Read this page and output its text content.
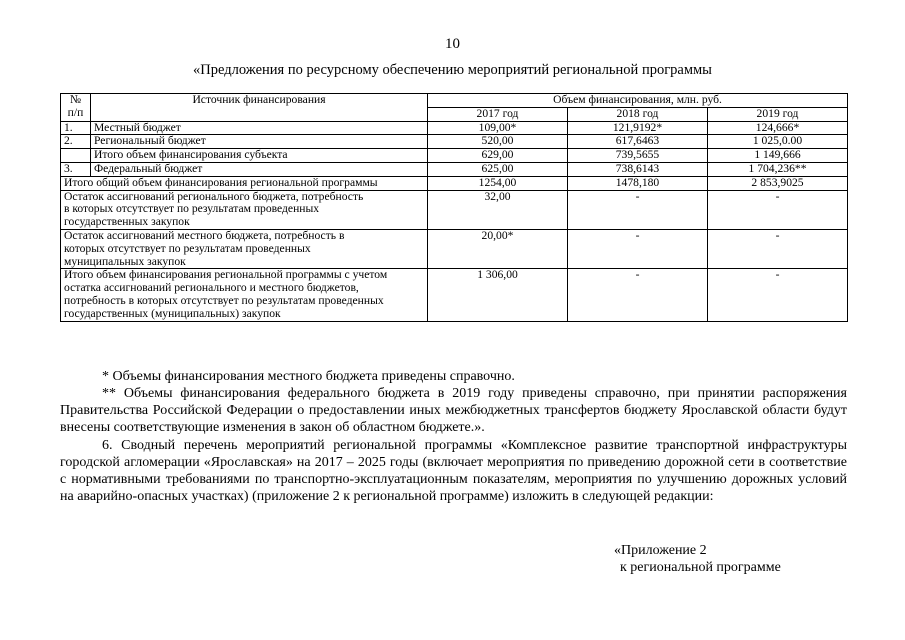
10
«Предложения по ресурсному обеспечению мероприятий региональной программы
№
п/п	Источник финансирования	Объем финансирования, млн. руб.		
		2017 год	2018 год	2019 год
1.	Местный бюджет	109,00*	121,9192*	124,666*
2.	Региональный бюджет	520,00	617,6463	1 025,0.00
	Итого объем финансирования субъекта	629,00	739,5655	1 149,666
3.	Федеральный бюджет	625,00	738,6143	1 704,236**
Итого общий объем финансирования региональной программы		1254,00	1478,180	2 853,9025
Остаток ассигнований регионального бюджета, потребность в которых отсутствует по результатам проведенных государственных закупок		32,00	-	-
Остаток ассигнований местного бюджета, потребность в которых отсутствует по результатам проведенных муниципальных закупок		20,00*	-	-
Итого объем финансирования региональной программы с учетом остатка ассигнований регионального и местного бюджетов, потребность в которых отсутствует по результатам проведенных государственных (муниципальных) закупок		1 306,00	-	-
* Объемы финансирования местного бюджета приведены справочно.
** Объемы финансирования федерального бюджета в 2019 году приведены справочно, при принятии распоряжения Правительства Российской Федерации о предоставлении иных межбюджетных трансфертов бюджету Ярославской области будут внесены соответствующие изменения в закон об областном бюджете.».
6. Сводный перечень мероприятий региональной программы «Комплексное развитие транспортной инфраструктуры городской агломерации «Ярославская» на 2017 – 2025 годы (включает мероприятия по приведению дорожной сети в соответствие с нормативными требованиями по транспортно-эксплуатационным показателям, мероприятия по улучшению дорожных условий на аварийно-опасных участках) (приложение 2 к региональной программе) изложить в следующей редакции:
«Приложение 2
к региональной программе
